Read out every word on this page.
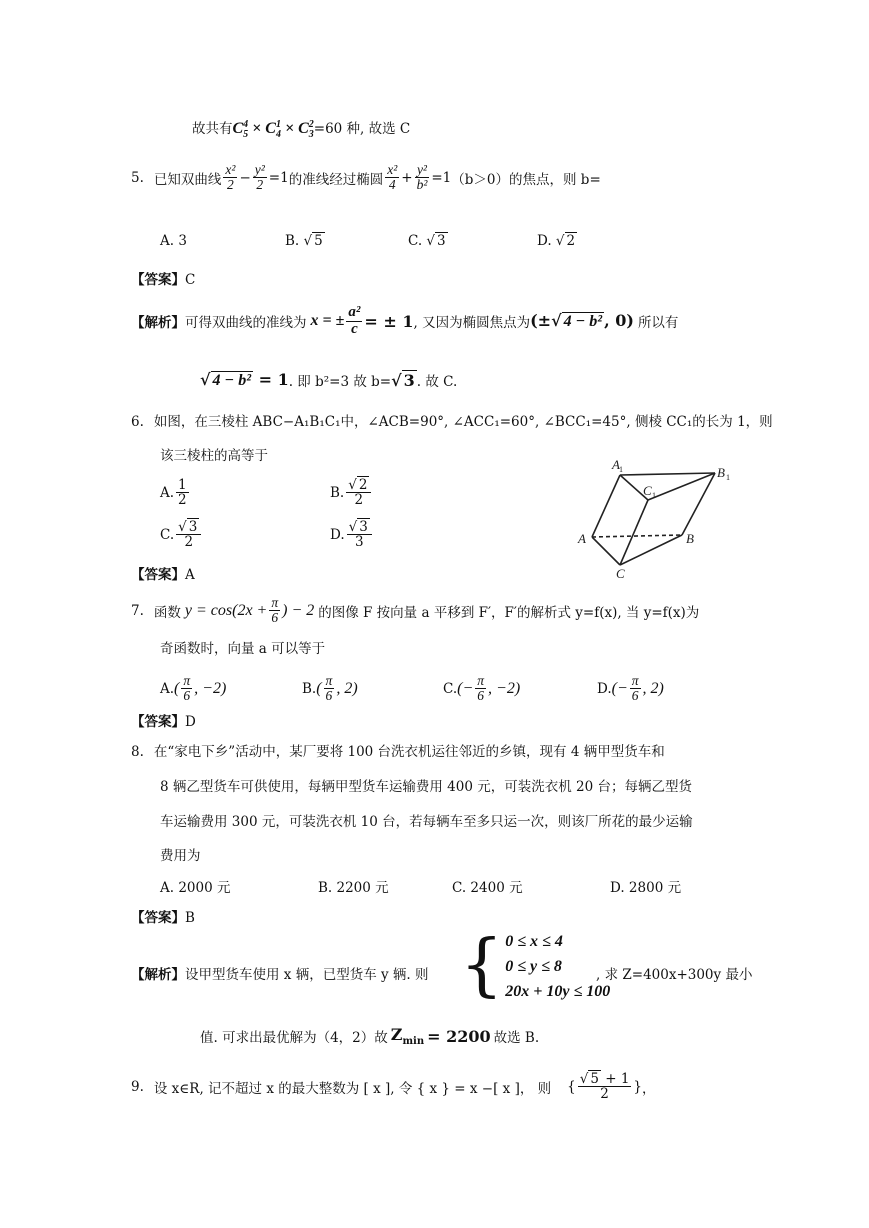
故共有$C_5^4 \times C_4^1 \times C_3^2=60$ 种, 故选 C
5. 已知双曲线 $\frac{\text{x²}}{2} - \frac{\text{y²}}{2} =1$ 的准线经过椭圆 $\frac{\text{x²}}{4} + \frac{\text{y²}}{\text{b²}} =1$ （b＞0）的焦点，则 b=
A. 3	B. √ 5	C. √ 3	D. √ 2
【答案】C
【解析】 可得双曲线的准线为 x = ± $\frac{\text{a²}}{c}$ = ± 1 , 又因为椭圆焦点为 (±√ 4 − b² , 0) 所以有
√ 4 − b² = 1 . 即 b²=3 故 b= √ 3 . 故 C.
6. 如图，在三棱柱 ABC−A₁B₁C₁中，∠ACB=90°, ∠ACC₁=60°, ∠BCC₁=45°, 侧棱 CC₁的长为 1，则
该三棱柱的高等于
A. $\frac{1}{2}$	B. $\frac{√ 2}{2}$
C. $\frac{√ 3}{2}$	D. $\frac{√ 3}{3}$
【答案】A
A
C
B
A	B
C
1
1
1
7. 函数 $y = \cos(2x + \frac{\pi}{6}$ ) − 2 的图像 F 按向量 a 平移到 F′，F′的解析式 y=f(x), 当 y=f(x)为
奇函数时，向量 a 可以等于
A. ( $\frac{\pi}{6}$ , −2)	B. ( $\frac{\pi}{6}$ , 2)	C. (− $\frac{\pi}{6}$ , −2)	D. (− $\frac{\pi}{6}$ , 2)
【答案】D
8. 在“家电下乡”活动中，某厂要将 100 台洗衣机运往邻近的乡镇，现有 4 辆甲型货车和
8 辆乙型货车可供使用，每辆甲型货车运输费用 400 元，可装洗衣机 20 台；每辆乙型货
车运输费用 300 元，可装洗衣机 10 台，若每辆车至多只运一次，则该厂所花的最少运输
费用为
A. 2000 元	B. 2200 元	C. 2400 元	D. 2800 元
【答案】B
【解析】设甲型货车使用 x 辆，已型货车 y 辆. 则 { 0 ≤ x ≤ 4
0 ≤ y ≤ 8
20x + 10y ≤ 100
, 求 Z=400x+300y 最小
值. 可求出最优解为（4，2）故 $Z_{min} = 2200$ 故选 B.
9. 设 x∈R, 记不超过 x 的最大整数为 [ x ], 令 { x } = x −[ x ]， 则 { $\frac{√ 5 + 1}{2}$ } ，
